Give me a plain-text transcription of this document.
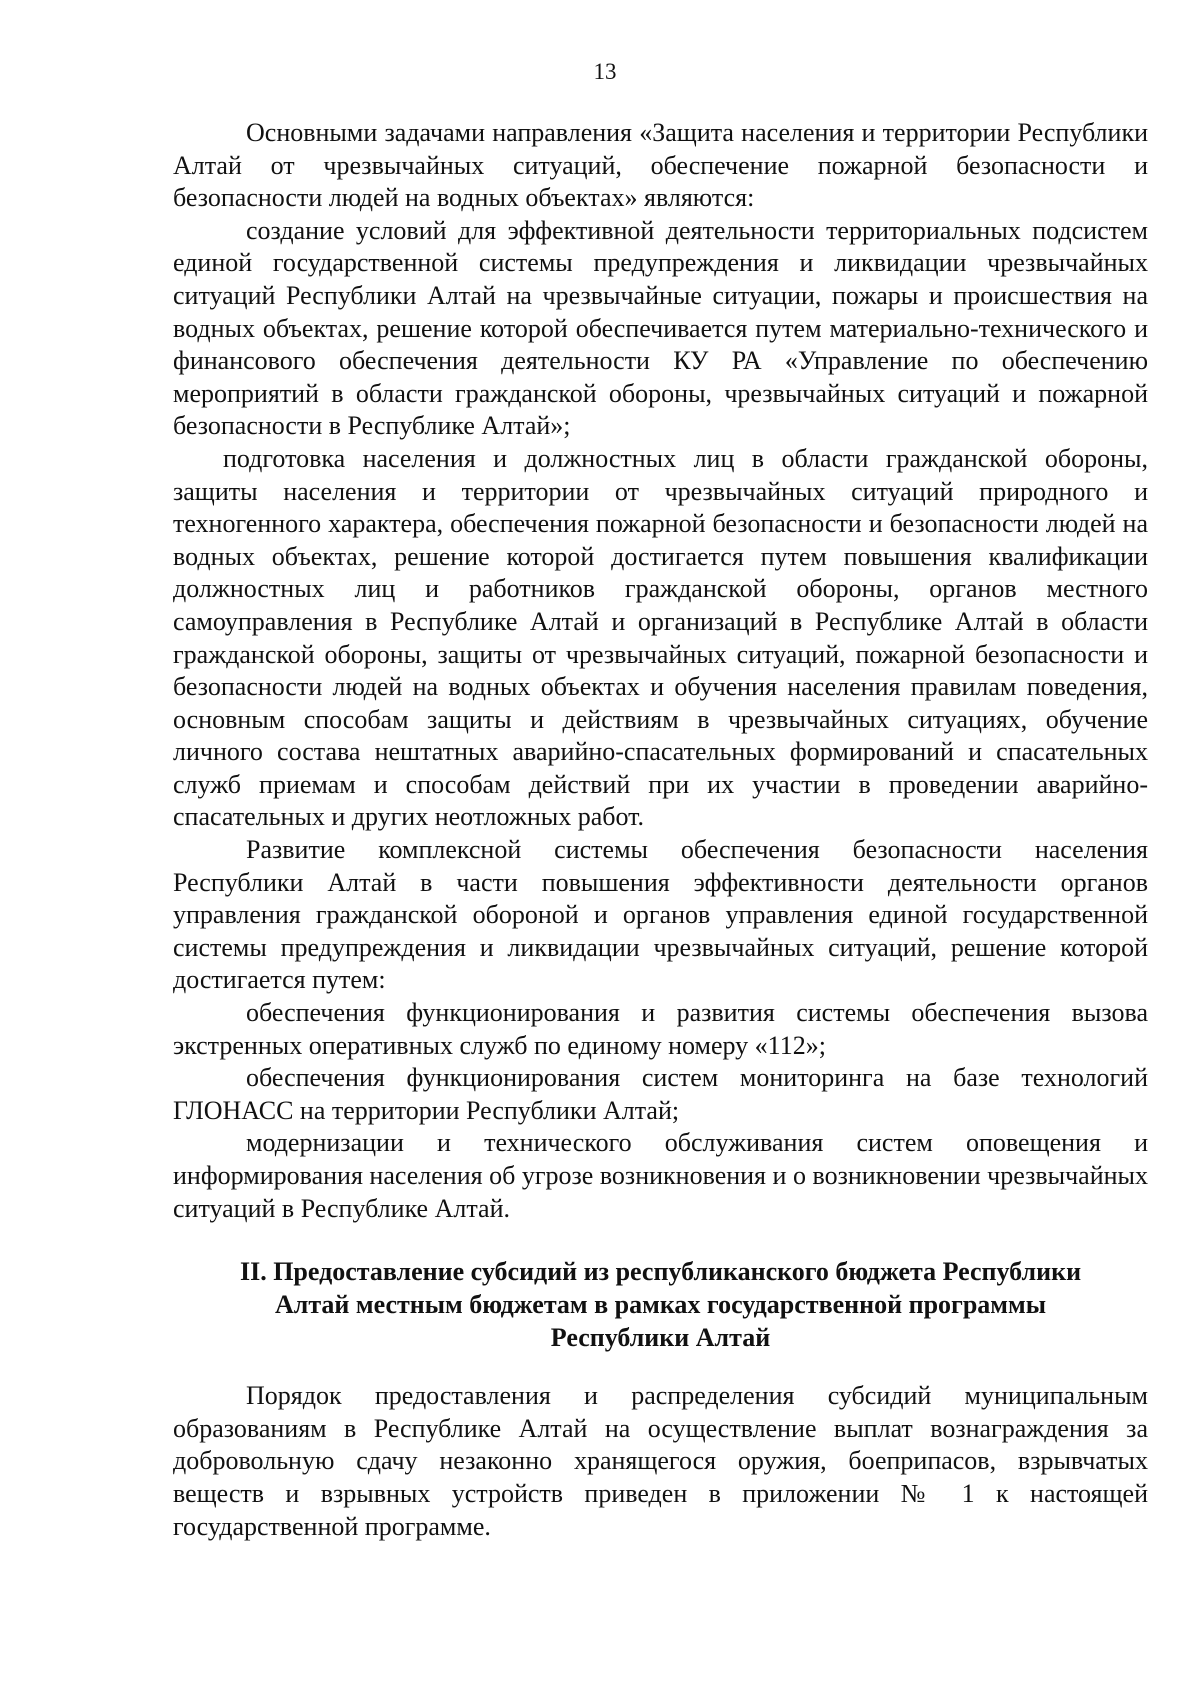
13

Основными задачами направления «Защита населения и территории Республики Алтай от чрезвычайных ситуаций, обеспечение пожарной безопасности и безопасности людей на водных объектах» являются:

создание условий для эффективной деятельности территориальных подсистем единой государственной системы предупреждения и ликвидации чрезвычайных ситуаций Республики Алтай на чрезвычайные ситуации, пожары и происшествия на водных объектах, решение которой обеспечивается путем материально-технического и финансового обеспечения деятельности КУ РА «Управление по обеспечению мероприятий в области гражданской обороны, чрезвычайных ситуаций и пожарной безопасности в Республике Алтай»;

подготовка населения и должностных лиц в области гражданской обороны, защиты населения и территории от чрезвычайных ситуаций природного и техногенного характера, обеспечения пожарной безопасности и безопасности людей на водных объектах, решение которой достигается путем повышения квалификации должностных лиц и работников гражданской обороны, органов местного самоуправления в Республике Алтай и организаций в Республике Алтай в области гражданской обороны, защиты от чрезвычайных ситуаций, пожарной безопасности и безопасности людей на водных объектах и обучения населения правилам поведения, основным способам защиты и действиям в чрезвычайных ситуациях, обучение личного состава нештатных аварийно-спасательных формирований и спасательных служб приемам и способам действий при их участии в проведении аварийно-спасательных и других неотложных работ.

Развитие комплексной системы обеспечения безопасности населения Республики Алтай в части повышения эффективности деятельности органов управления гражданской обороной и органов управления единой государственной системы предупреждения и ликвидации чрезвычайных ситуаций, решение которой достигается путем:

обеспечения функционирования и развития системы обеспечения вызова экстренных оперативных служб по единому номеру «112»;

обеспечения функционирования систем мониторинга на базе технологий ГЛОНАСС на территории Республики Алтай;

модернизации и технического обслуживания систем оповещения и информирования населения об угрозе возникновения и о возникновении чрезвычайных ситуаций в Республике Алтай.

II. Предоставление субсидий из республиканского бюджета Республики
Алтай местным бюджетам в рамках государственной программы
Республики Алтай

Порядок предоставления и распределения субсидий муниципальным образованиям в Республике Алтай на осуществление выплат вознаграждения за добровольную сдачу незаконно хранящегося оружия, боеприпасов, взрывчатых веществ и взрывных устройств приведен в приложении № 1 к настоящей государственной программе.
